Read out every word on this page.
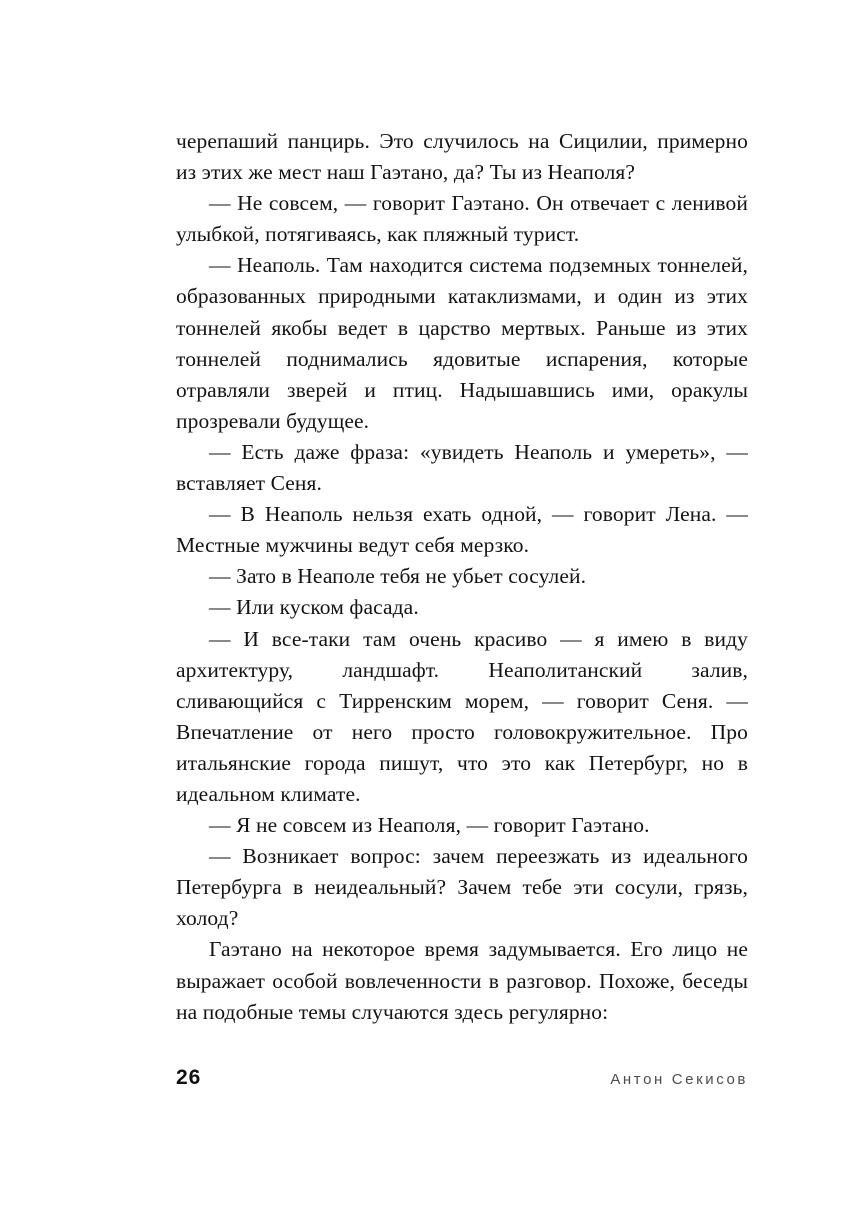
черепаший панцирь. Это случилось на Сицилии, примерно из этих же мест наш Гаэтано, да? Ты из Неаполя?

— Не совсем, — говорит Гаэтано. Он отвечает с ленивой улыбкой, потягиваясь, как пляжный турист.

— Неаполь. Там находится система подземных тоннелей, образованных природными катаклизмами, и один из этих тоннелей якобы ведет в царство мертвых. Раньше из этих тоннелей поднимались ядовитые испарения, которые отравляли зверей и птиц. Надышавшись ими, оракулы прозревали будущее.

— Есть даже фраза: «увидеть Неаполь и умереть», — вставляет Сеня.

— В Неаполь нельзя ехать одной, — говорит Лена. — Местные мужчины ведут себя мерзко.

— Зато в Неаполе тебя не убьет сосулей.

— Или куском фасада.

— И все-таки там очень красиво — я имею в виду архитектуру, ландшафт. Неаполитанский залив, сливающийся с Тирренским морем, — говорит Сеня. — Впечатление от него просто головокружительное. Про итальянские города пишут, что это как Петербург, но в идеальном климате.

— Я не совсем из Неаполя, — говорит Гаэтано.

— Возникает вопрос: зачем переезжать из идеального Петербурга в неидеальный? Зачем тебе эти сосули, грязь, холод?

Гаэтано на некоторое время задумывается. Его лицо не выражает особой вовлеченности в разговор. Похоже, беседы на подобные темы случаются здесь регулярно:

26	Антон Секисов
